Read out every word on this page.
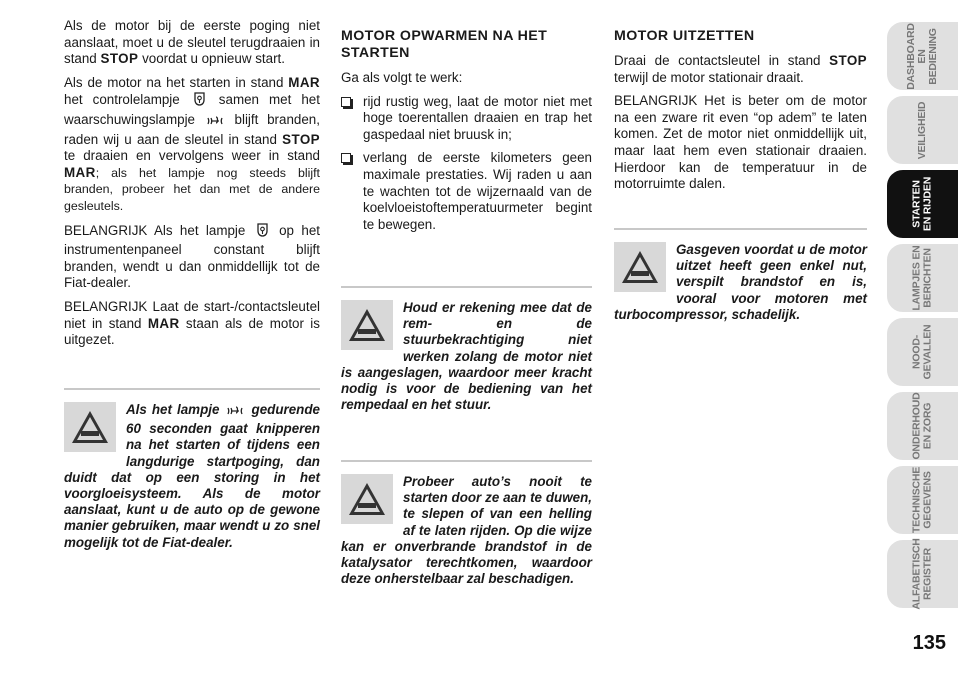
Als de motor bij de eerste poging niet aanslaat, moet u de sleutel terugdraaien in stand STOP voordat u opnieuw start.

Als de motor na het starten in stand MAR het controlelampje	samen met het waarschuwingslampje	blijft branden, raden wij u aan de sleutel in stand STOP te draaien en vervolgens weer in stand MAR; als het lampje nog steeds blijft branden, probeer het dan met de andere gesleutels.

BELANGRIJK Als het lampje	op het instrumentenpaneel constant blijft branden, wendt u dan onmiddellijk tot de Fiat-dealer.

BELANGRIJK Laat de start-/contactsleutel niet in stand MAR staan als de motor is uitgezet.

MOTOR OPWARMEN NA HET STARTEN

Ga als volgt te werk:

rijd rustig weg, laat de motor niet met hoge toerentallen draaien en trap het gaspedaal niet bruusk in;
verlang de eerste kilometers geen maximale prestaties. Wij raden u aan te wachten tot de wijzernaald van de koelvloeistoftemperatuurmeter begint te bewegen.
MOTOR UITZETTEN

Draai de contactsleutel in stand STOP terwijl de motor stationair draait.

BELANGRIJK Het is beter om de motor na een zware rit even “op adem” te laten komen. Zet de motor niet onmiddellijk uit, maar laat hem even stationair draaien. Hierdoor kan de temperatuur in de motorruimte dalen.

Als het lampje gedurende 60 seconden gaat knipperen na het starten of tijdens een langdurige startpoging, dan duidt dat op een storing in het voorgloeisysteem. Als de motor aanslaat, kunt u de auto op de gewone manier gebruiken, maar wendt u zo snel mogelijk tot de Fiat-dealer.

Houd er rekening mee dat de rem- en de stuurbekrachtiging niet werken zolang de motor niet is aangeslagen, waardoor meer kracht nodig is voor de bediening van het rempedaal en het stuur.

Probeer auto’s nooit te starten door ze aan te duwen, te slepen of van een helling af te laten rijden. Op die wijze kan er onverbrande brandstof in de katalysator terechtkomen, waardoor deze onherstelbaar zal beschadigen.

Gasgeven voordat u de motor uitzet heeft geen enkel nut, verspilt brandstof en is, vooral voor motoren met turbocompressor, schadelijk.

DASHBOARD
EN BEDIENING
VEILIGHEID
STARTEN
EN RIJDEN
LAMPJES EN
BERICHTEN
NOOD-
GEVALLEN
ONDERHOUD
EN ZORG
TECHNISCHE
GEGEVENS
ALFABETISCH
REGISTER
135
